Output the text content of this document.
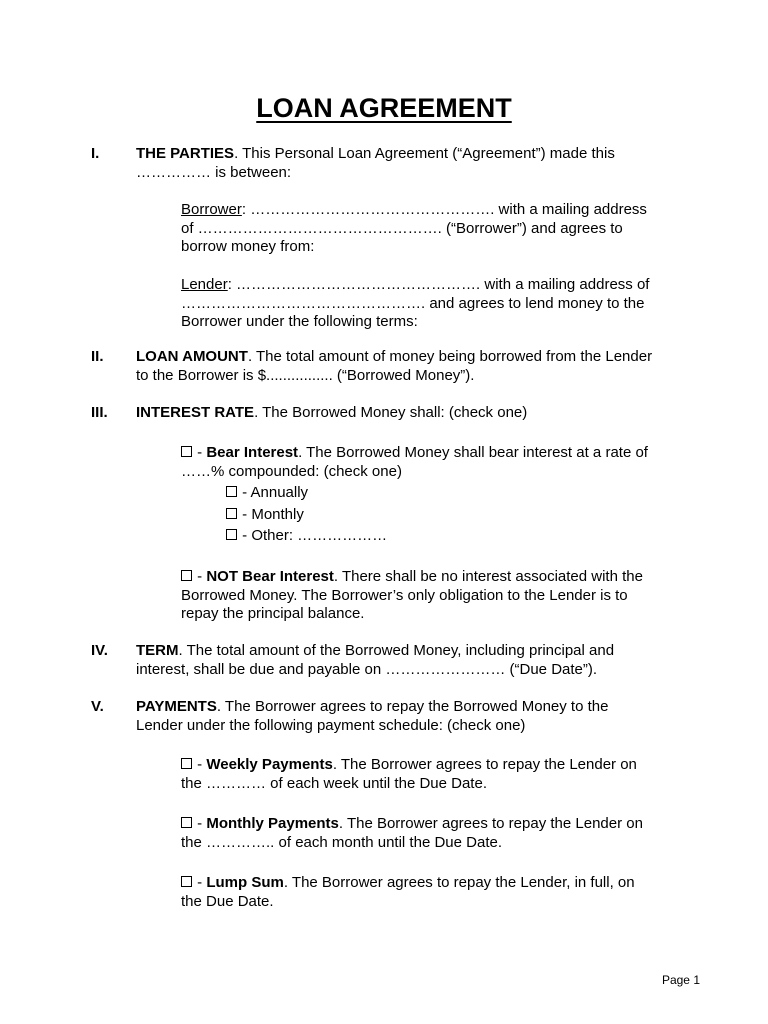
LOAN AGREEMENT
I. THE PARTIES. This Personal Loan Agreement (“Agreement”) made this
…………… is between:
Borrower: …………………………………………. with a mailing address
of …………………………………………. (“Borrower”) and agrees to
borrow money from:
Lender: …………………………………………. with a mailing address of
…………………………………………. and agrees to lend money to the
Borrower under the following terms:
II. LOAN AMOUNT. The total amount of money being borrowed from the Lender
to the Borrower is $................ (“Borrowed Money”).
III. INTEREST RATE. The Borrowed Money shall: (check one)
- Bear Interest. The Borrowed Money shall bear interest at a rate of
……% compounded: (check one)
- Annually
- Monthly
- Other: ………………
- NOT Bear Interest. There shall be no interest associated with the
Borrowed Money. The Borrower’s only obligation to the Lender is to
repay the principal balance.
IV. TERM. The total amount of the Borrowed Money, including principal and
interest, shall be due and payable on …………………… (“Due Date”).
V. PAYMENTS. The Borrower agrees to repay the Borrowed Money to the
Lender under the following payment schedule: (check one)
- Weekly Payments. The Borrower agrees to repay the Lender on
the ………… of each week until the Due Date.
- Monthly Payments. The Borrower agrees to repay the Lender on
the ………….. of each month until the Due Date.
- Lump Sum. The Borrower agrees to repay the Lender, in full, on
the Due Date.
Page 1
